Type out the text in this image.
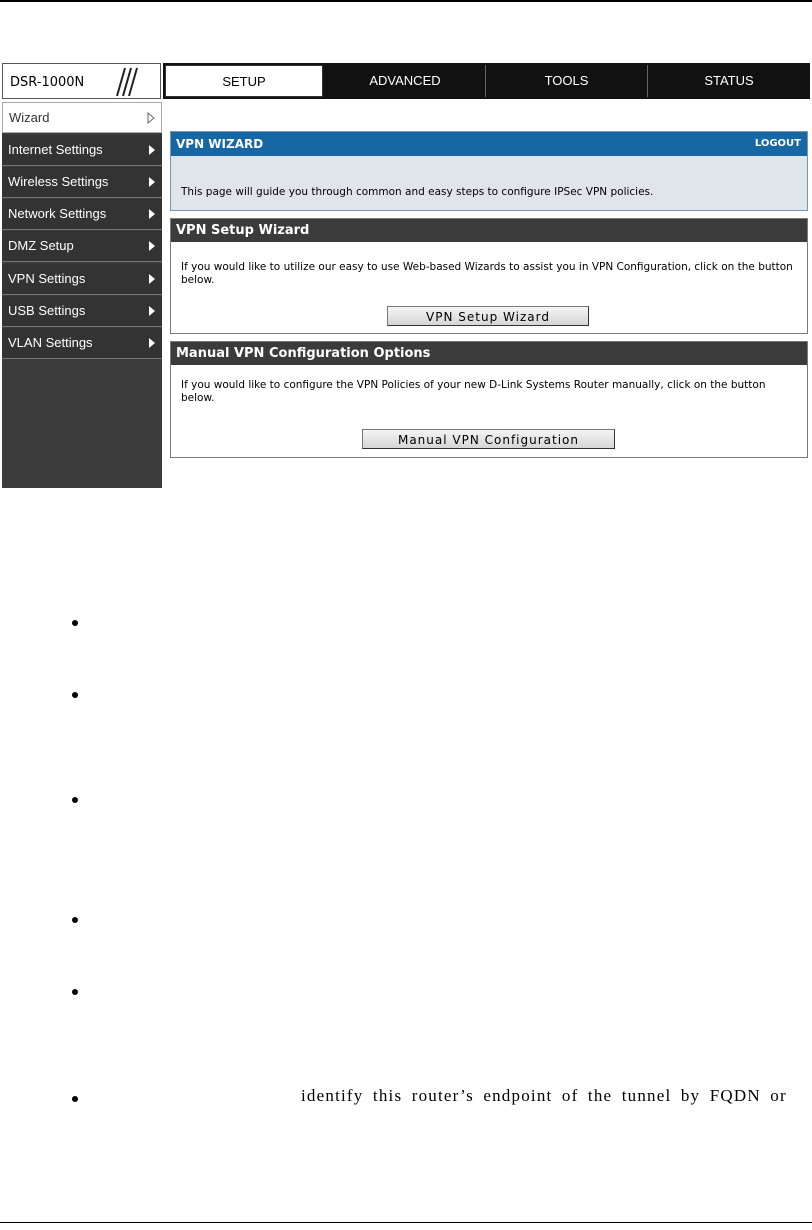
DSR-1000N	SETUP	ADVANCED	TOOLS	STATUS
Wizard
Internet Settings
Wireless Settings
Network Settings
DMZ Setup
VPN Settings
USB Settings
VLAN Settings
VPN WIZARD	LOGOUT
This page will guide you through common and easy steps to configure IPSec VPN policies.
VPN Setup Wizard
If you would like to utilize our easy to use Web-based Wizards to assist you in VPN Configuration, click on the button below.
VPN Setup Wizard
Manual VPN Configuration Options
If you would like to configure the VPN Policies of your new D-Link Systems Router manually, click on the button below.
Manual VPN Configuration
identify this router’s endpoint of the tunnel by FQDN or
